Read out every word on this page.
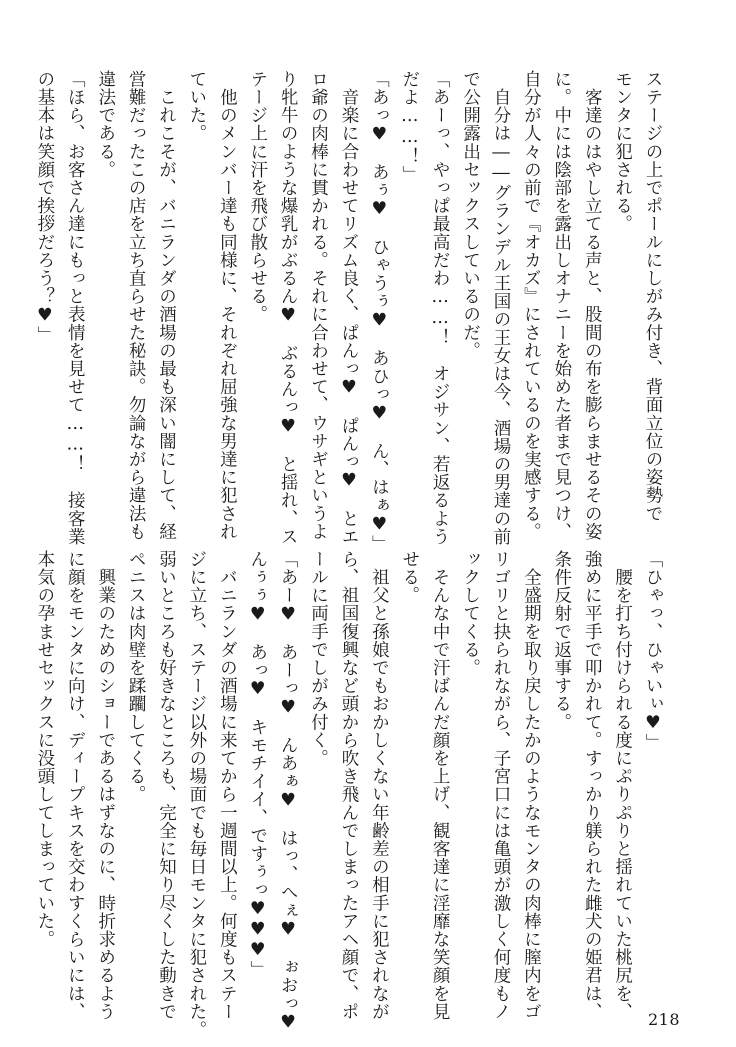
ステージの上でポールにしがみ付き、背面立位の姿勢で
モンタに犯される。
　客達のはやし立てる声と、股間の布を膨らませるその姿
に。中には陰部を露出しオナニーを始めた者まで見つけ、
自分が人々の前で『オカズ』にされているのを実感する。
　自分は――グランデル王国の王女は今、酒場の男達の前
で公開露出セックスしているのだ。
「あーっ、やっぱ最高だわ……！　オジサン、若返るよう
だよ……！」
「あっ♥　あぅ♥　ひゃうぅ♥　あひっ♥　ん、はぁ♥」
　音楽に合わせてリズム良く、ぱんっ♥　ぱんっ♥　とエ
ロ爺の肉棒に貫かれる。それに合わせて、ウサギというよ
り牝牛のような爆乳がぶるん♥　ぶるんっ♥　と揺れ、ス
テージ上に汗を飛び散らせる。
　他のメンバー達も同様に、それぞれ屈強な男達に犯され
ていた。
　これこそが、バニランダの酒場の最も深い闇にして、経
営難だったこの店を立ち直らせた秘訣。勿論ながら違法も
違法である。
「ほら、お客さん達にもっと表情を見せて……！　接客業
の基本は笑顔で挨拶だろう？♥」
「ひゃっ、ひゃいぃ♥」
　腰を打ち付けられる度にぷりぷりと揺れていた桃尻を、
強めに平手で叩かれて。すっかり躾られた雌犬の姫君は、
条件反射で返事する。
　全盛期を取り戻したかのようなモンタの肉棒に膣内をゴ
リゴリと抉られながら、子宮口には亀頭が激しく何度もノ
ックしてくる。
　そんな中で汗ばんだ顔を上げ、観客達に淫靡な笑顔を見
せる。
　祖父と孫娘でもおかしくない年齢差の相手に犯されなが
ら、祖国復興など頭から吹き飛んでしまったアヘ顔で、ポ
ールに両手でしがみ付く。
「あー♥　あーっ♥　んあぁ♥　はっ、へぇ♥　ぉおっ♥
んぅぅ♥　あっ♥　キモチイイ、ですぅっ♥♥♥」
　バニランダの酒場に来てから一週間以上。何度もステー
ジに立ち、ステージ以外の場面でも毎日モンタに犯された。
弱いところも好きなところも、完全に知り尽くした動きで
ペニスは肉壁を蹂躙してくる。
　興業のためのショーであるはずなのに、時折求めるよう
に顔をモンタに向け、ディープキスを交わすくらいには、
本気の孕ませセックスに没頭してしまっていた。
218
